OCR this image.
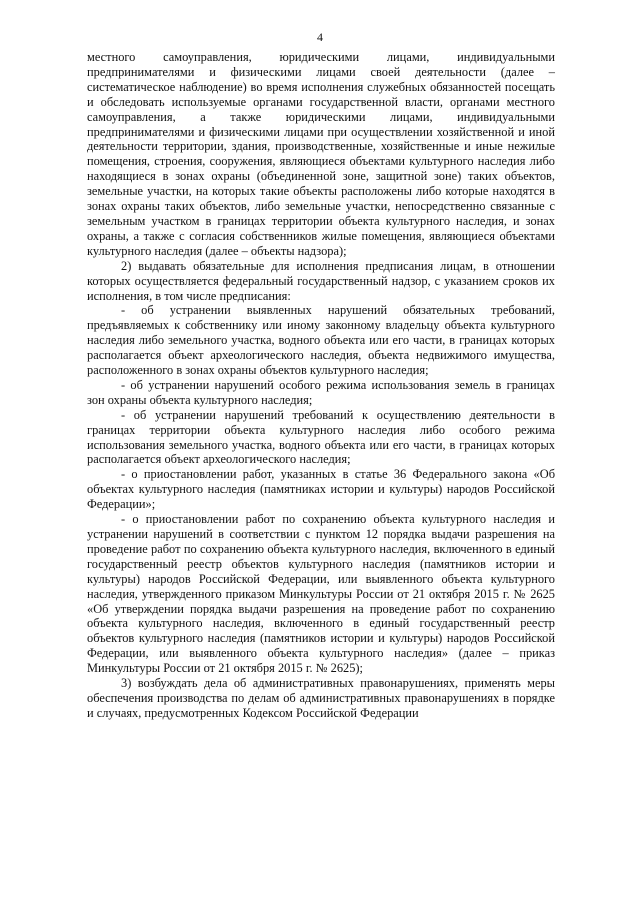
4

местного самоуправления, юридическими лицами, индивидуальными предпринимателями и физическими лицами своей деятельности (далее – систематическое наблюдение) во время исполнения служебных обязанностей посещать и обследовать используемые органами государственной власти, органами местного самоуправления, а также юридическими лицами, индивидуальными предпринимателями и физическими лицами при осуществлении хозяйственной и иной деятельности территории, здания, производственные, хозяйственные и иные нежилые помещения, строения, сооружения, являющиеся объектами культурного наследия либо находящиеся в зонах охраны (объединенной зоне, защитной зоне) таких объектов, земельные участки, на которых такие объекты расположены либо которые находятся в зонах охраны таких объектов, либо земельные участки, непосредственно связанные с земельным участком в границах территории объекта культурного наследия, и зонах охраны, а также с согласия собственников жилые помещения, являющиеся объектами культурного наследия (далее – объекты надзора);

2) выдавать обязательные для исполнения предписания лицам, в отношении которых осуществляется федеральный государственный надзор, с указанием сроков их исполнения, в том числе предписания:

- об устранении выявленных нарушений обязательных требований, предъявляемых к собственнику или иному законному владельцу объекта культурного наследия либо земельного участка, водного объекта или его части, в границах которых располагается объект археологического наследия, объекта недвижимого имущества, расположенного в зонах охраны объектов культурного наследия;

- об устранении нарушений особого режима использования земель в границах зон охраны объекта культурного наследия;

- об устранении нарушений требований к осуществлению деятельности в границах территории объекта культурного наследия либо особого режима использования земельного участка, водного объекта или его части, в границах которых располагается объект археологического наследия;

- о приостановлении работ, указанных в статье 36 Федерального закона «Об объектах культурного наследия (памятниках истории и культуры) народов Российской Федерации»;

- о приостановлении работ по сохранению объекта культурного наследия и устранении нарушений в соответствии с пунктом 12 порядка выдачи разрешения на проведение работ по сохранению объекта культурного наследия, включенного в единый государственный реестр объектов культурного наследия (памятников истории и культуры) народов Российской Федерации, или выявленного объекта культурного наследия, утвержденного приказом Минкультуры России от 21 октября 2015 г. № 2625 «Об утверждении порядка выдачи разрешения на проведение работ по сохранению объекта культурного наследия, включенного в единый государственный реестр объектов культурного наследия (памятников истории и культуры) народов Российской Федерации, или выявленного объекта культурного наследия» (далее – приказ Минкультуры России от 21 октября 2015 г. № 2625);

3) возбуждать дела об административных правонарушениях, применять меры обеспечения производства по делам об административных правонарушениях в порядке и случаях, предусмотренных Кодексом Российской Федерации
